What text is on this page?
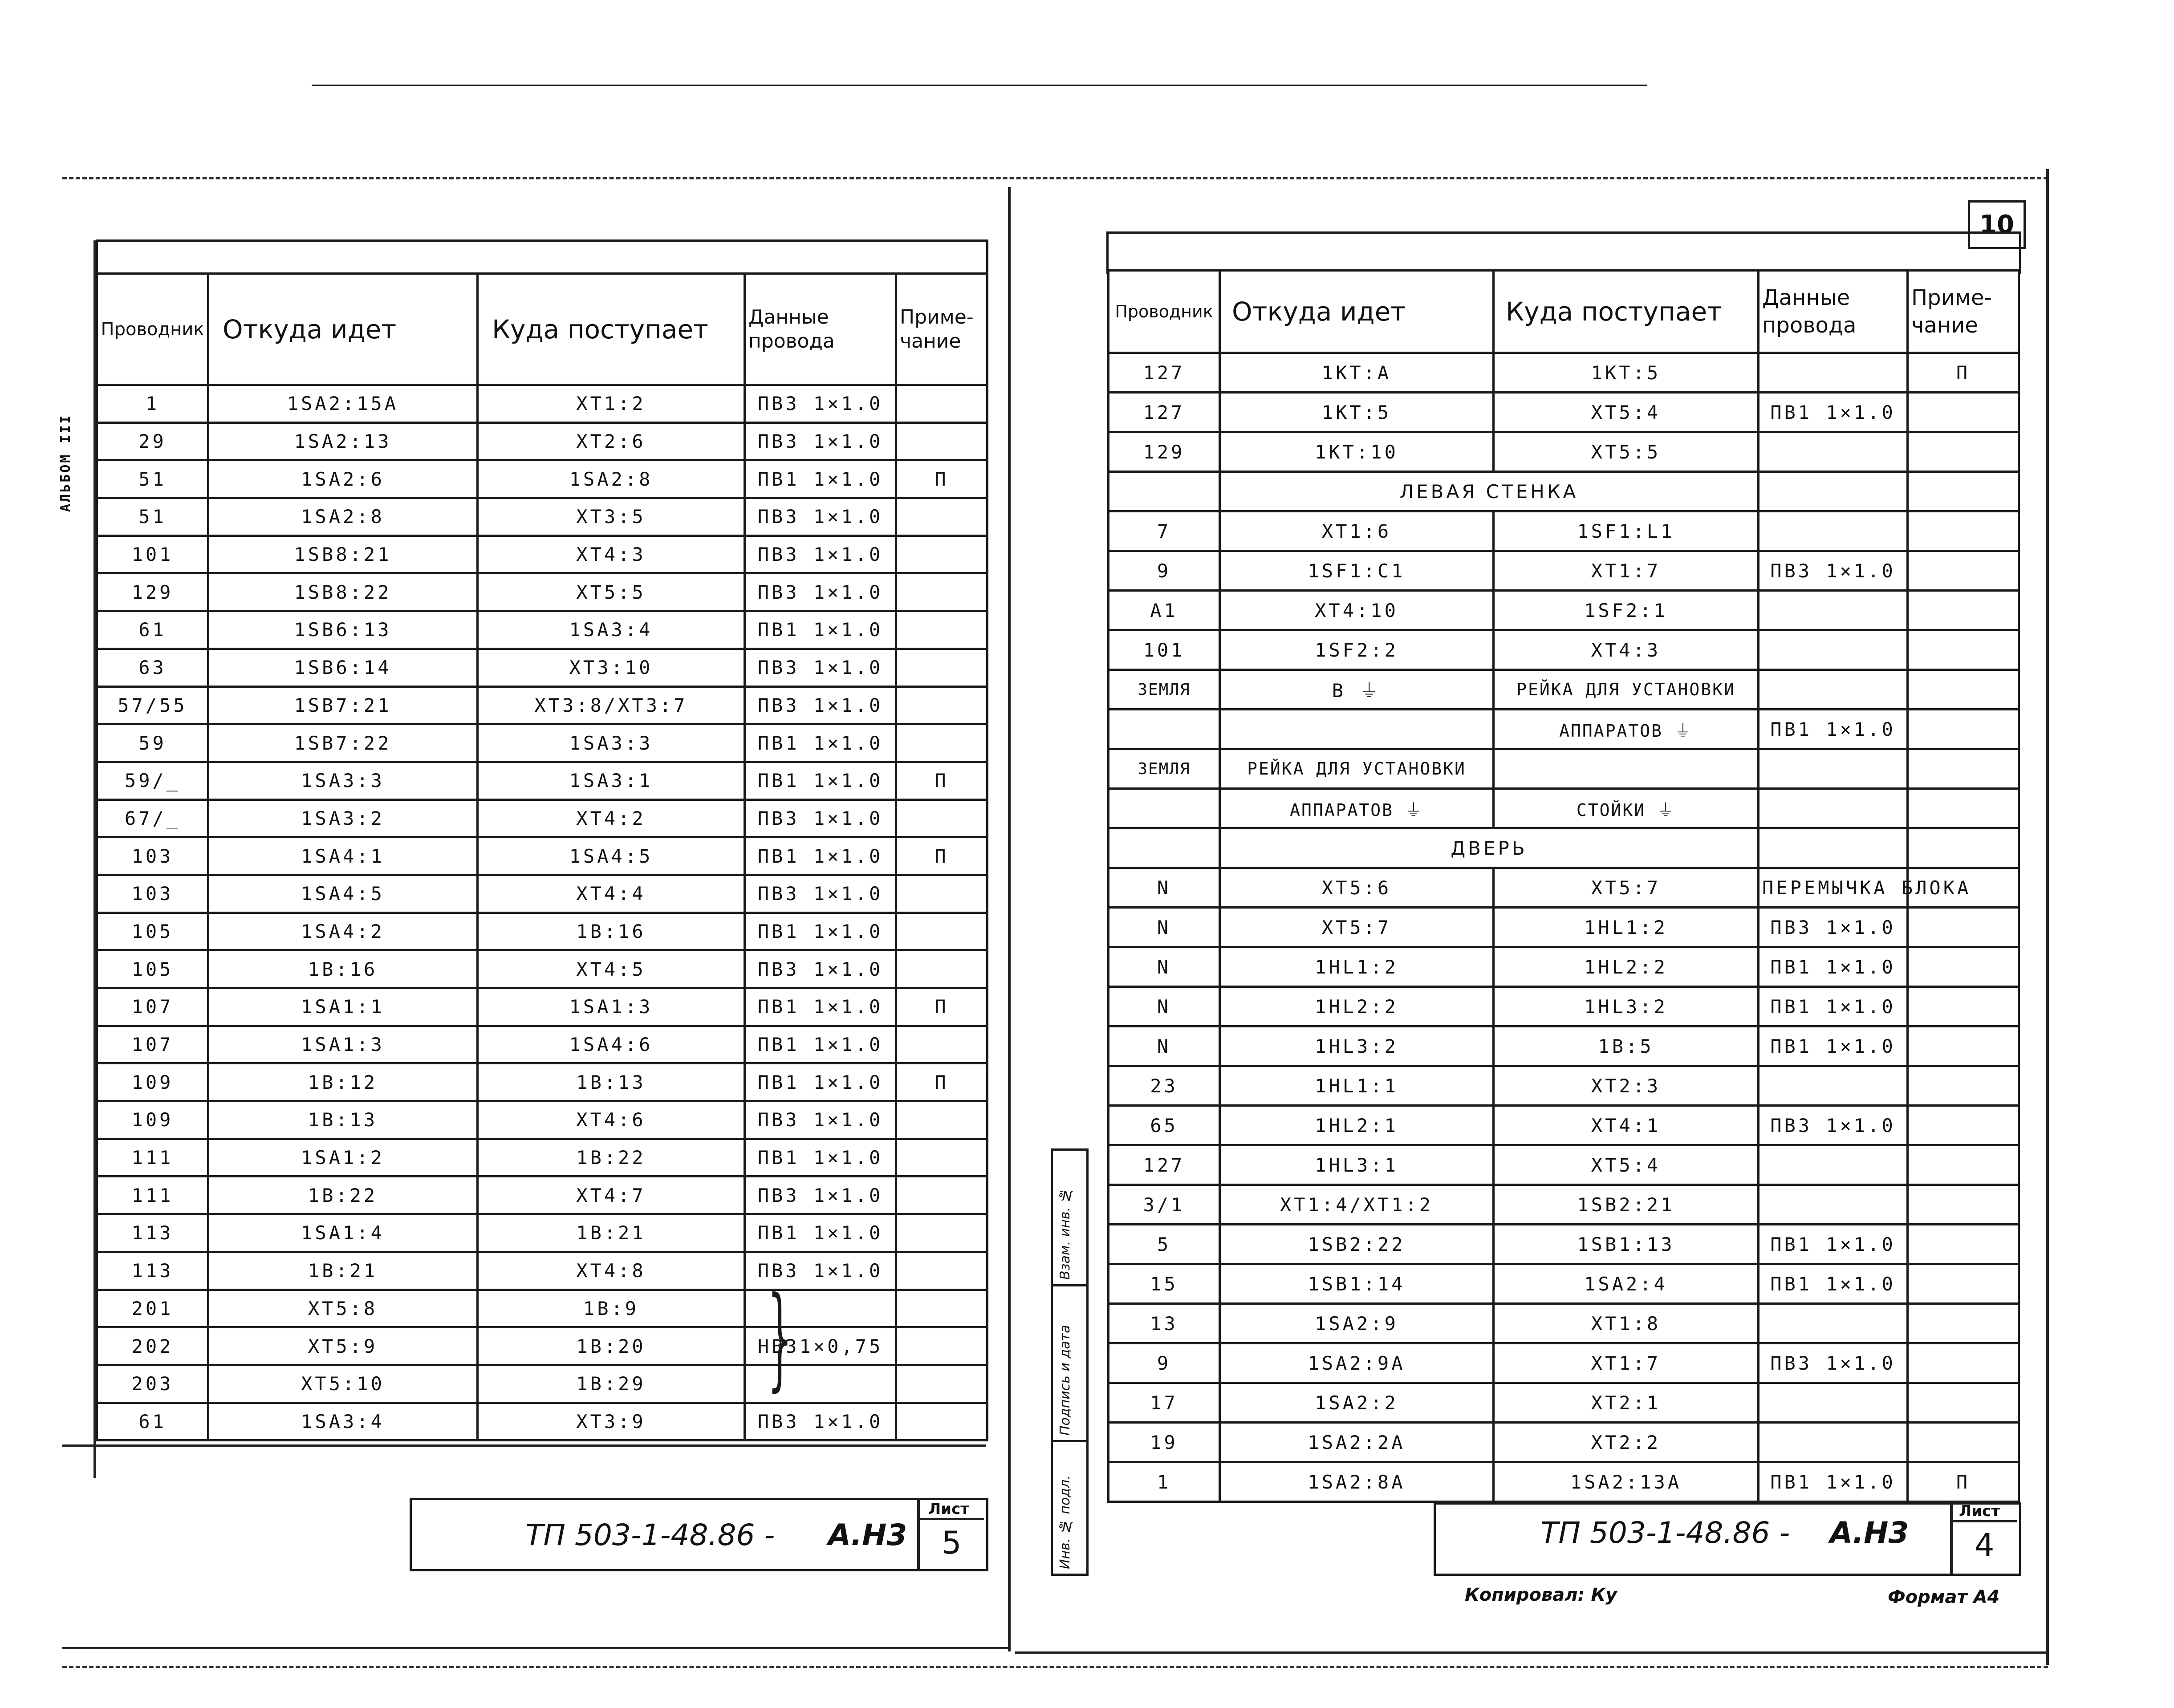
АЛЬБОМ III
Проводник	Откуда идет	Куда поступает	Данные провода	Приме-чание
1	1SA2:15A	XT1:2	ПВ3 1×1.0	
29	1SA2:13	XT2:6	ПВ3 1×1.0	
51	1SA2:6	1SA2:8	ПВ1 1×1.0	П
51	1SA2:8	XT3:5	ПВ3 1×1.0	
101	1SB8:21	XT4:3	ПВ3 1×1.0	
129	1SB8:22	XT5:5	ПВ3 1×1.0	
61	1SB6:13	1SA3:4	ПВ1 1×1.0	
63	1SB6:14	XT3:10	ПВ3 1×1.0	
57/55	1SB7:21	XT3:8/XT3:7	ПВ3 1×1.0	
59	1SB7:22	1SA3:3	ПВ1 1×1.0	
59/_	1SA3:3	1SA3:1	ПВ1 1×1.0	П
67/_	1SA3:2	XT4:2	ПВ3 1×1.0	
103	1SA4:1	1SA4:5	ПВ1 1×1.0	П
103	1SA4:5	XT4:4	ПВ3 1×1.0	
105	1SA4:2	1B:16	ПВ1 1×1.0	
105	1B:16	XT4:5	ПВ3 1×1.0	
107	1SA1:1	1SA1:3	ПВ1 1×1.0	П
107	1SA1:3	1SA4:6	ПВ1 1×1.0	
109	1B:12	1B:13	ПВ1 1×1.0	П
109	1B:13	XT4:6	ПВ3 1×1.0	
111	1SA1:2	1B:22	ПВ1 1×1.0	
111	1B:22	XT4:7	ПВ3 1×1.0	
113	1SA1:4	1B:21	ПВ1 1×1.0	
113	1B:21	XT4:8	ПВ3 1×1.0	
201	XT5:8	1B:9		
202	XT5:9	1B:20	НВ31×0,75	
203	XT5:10	1B:29		
61	1SA3:4	XT3:9	ПВ3 1×1.0	
}
ТП 503-1-48.86 - А.Н3
Лист
5
10
Проводник	Откуда идет	Куда поступает	Данные провода	Приме-чание
127	1KT:A	1KT:5		П
127	1KT:5	XT5:4	ПВ1 1×1.0	
129	1KT:10	XT5:5		
	ЛЕВАЯ СТЕНКА			
7	XT1:6	1SF1:L1		
9	1SF1:C1	XT1:7	ПВ3 1×1.0	
A1	XT4:10	1SF2:1		
101	1SF2:2	XT4:3		
ЗЕМЛЯ	B ⏚	РЕЙКА ДЛЯ УСТАНОВКИ		
		АППАРАТОВ ⏚	ПВ1 1×1.0	
ЗЕМЛЯ	РЕЙКА ДЛЯ УСТАНОВКИ			
	АППАРАТОВ ⏚	СТОЙКИ ⏚		
	ДВЕРЬ			
N	XT5:6	XT5:7	ПЕРЕМЫЧКА БЛОКА	
N	XT5:7	1HL1:2	ПВ3 1×1.0	
N	1HL1:2	1HL2:2	ПВ1 1×1.0	
N	1HL2:2	1HL3:2	ПВ1 1×1.0	
N	1HL3:2	1B:5	ПВ1 1×1.0	
23	1HL1:1	XT2:3		
65	1HL2:1	XT4:1	ПВ3 1×1.0	
127	1HL3:1	XT5:4		
3/1	XT1:4/XT1:2	1SB2:21		
5	1SB2:22	1SB1:13	ПВ1 1×1.0	
15	1SB1:14	1SA2:4	ПВ1 1×1.0	
13	1SA2:9	XT1:8		
9	1SA2:9A	XT1:7	ПВ3 1×1.0	
17	1SA2:2	XT2:1		
19	1SA2:2A	XT2:2		
1	1SA2:8A	1SA2:13A	ПВ1 1×1.0	П
Инв. № подл.
Подпись и дата
Взам. инв. №
ТП 503-1-48.86 - А.Н3
Лист
4
Копировал: Ку	Формат А4
